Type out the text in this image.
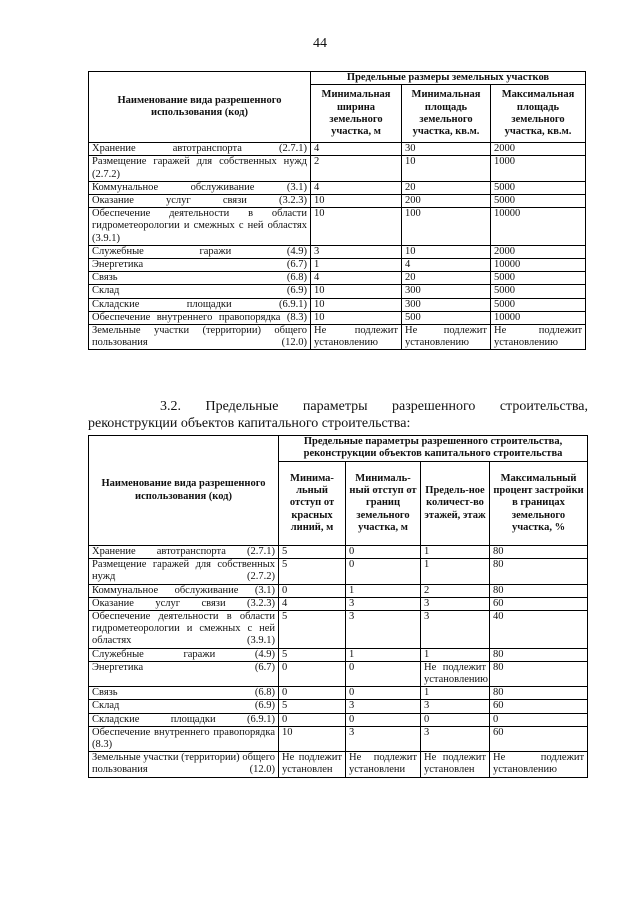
44
Наименование вида разрешенного использования (код)	Предельные размеры земельных участков		
	Минимальная ширина земельного участка, м	Минимальная площадь земельного участка, кв.м.	Максимальная площадь земельного участка, кв.м.
Хранение автотранспорта (2.7.1)	4	30	2000
Размещение гаражей для собственных нужд (2.7.2)	2	10	1000
Коммунальное обслуживание (3.1)	4	20	5000
Оказание услуг связи (3.2.3)	10	200	5000
Обеспечение деятельности в области гидрометеорологии и смежных с ней областях (3.9.1)	10	100	10000
Служебные гаражи (4.9)	3	10	2000
Энергетика (6.7)	1	4	10000
Связь (6.8)	4	20	5000
Склад (6.9)	10	300	5000
Складские площадки (6.9.1)	10	300	5000
Обеспечение внутреннего правопорядка (8.3)	10	500	10000
Земельные участки (территории) общего пользования (12.0)	Не подлежит установлению	Не подлежит установлению	Не подлежит установлению
3.2. Предельные параметры разрешенного строительства,
реконструкции объектов капитального строительства:
Наименование вида разрешенного использования (код)	Предельные параметры разрешенного строительства, реконструкции объектов капитального строительства			
	Минима-льный отступ от красных линий, м	Минималь-ный отступ от границ земельного участка, м	Предель-ное количест-во этажей, этаж	Максимальный процент застройки в границах земельного участка, %
Хранение автотранспорта (2.7.1)	5	0	1	80
Размещение гаражей для собственных нужд (2.7.2)	5	0	1	80
Коммунальное обслуживание (3.1)	0	1	2	80
Оказание услуг связи (3.2.3)	4	3	3	60
Обеспечение деятельности в области гидрометеорологии и смежных с ней областях (3.9.1)	5	3	3	40
Служебные гаражи (4.9)	5	1	1	80
Энергетика (6.7)	0	0	Не подлежит установлению	80
Связь (6.8)	0	0	1	80
Склад (6.9)	5	3	3	60
Складские площадки (6.9.1)	0	0	0	0
Обеспечение внутреннего правопорядка (8.3)	10	3	3	60
Земельные участки (территории) общего пользования (12.0)	Не подлежит установлен	Не подлежит установлени	Не подлежит установлен	Не подлежит установлению
